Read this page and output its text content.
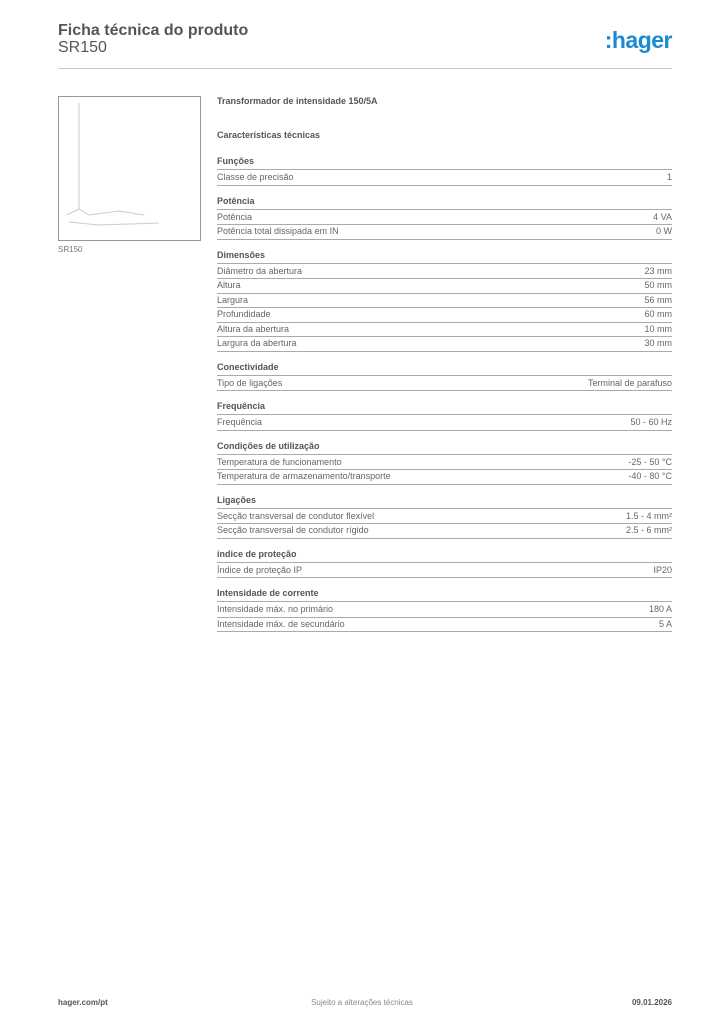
Ficha técnica do produto
SR150	:hager
SR150
Transformador de intensidade 150/5A
Características técnicas
Funções
Classe de precisão	1
Potência
Potência	4 VA
Potência total dissipada em IN	0 W
Dimensões
Diâmetro da abertura	23 mm
Altura	50 mm
Largura	56 mm
Profundidade	60 mm
Altura da abertura	10 mm
Largura da abertura	30 mm
Conectividade
Tipo de ligações	Terminal de parafuso
Frequência
Frequência	50 - 60 Hz
Condições de utilização
Temperatura de funcionamento	-25 - 50 °C
Temperatura de armazenamento/transporte	-40 - 80 °C
Ligações
Secção transversal de condutor flexível	1.5 - 4 mm²
Secção transversal de condutor rígido	2.5 - 6 mm²
índice de proteção
Índice de proteção IP	IP20
Intensidade de corrente
Intensidade máx. no primário	180 A
Intensidade máx. de secundário	5 A
hager.com/pt	Sujeito a alterações técnicas	09.01.2026
